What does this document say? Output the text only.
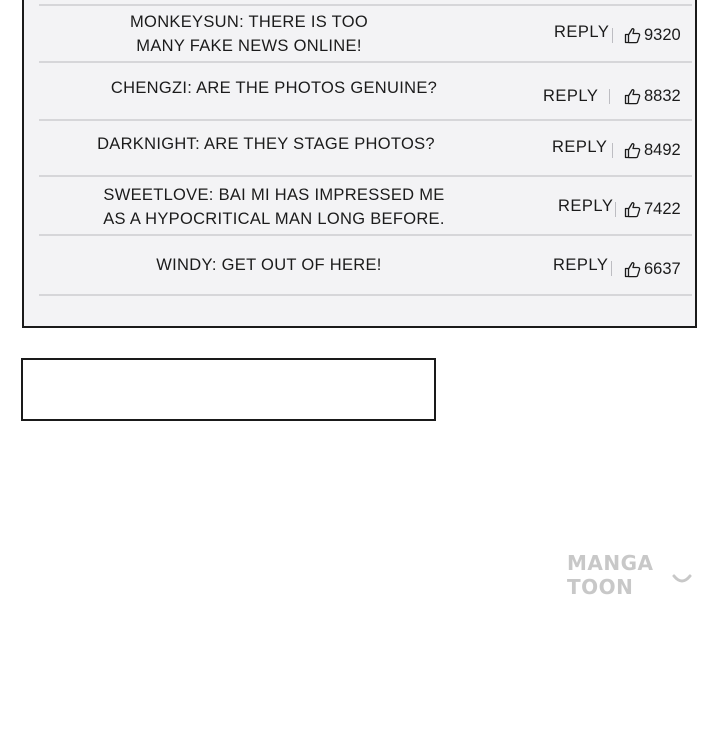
MONKEYSUN: THERE IS TOO
MANY FAKE NEWS ONLINE!
REPLY 9320
CHENGZI: ARE THE PHOTOS GENUINE?	REPLY	8832
DARKNIGHT: ARE THEY STAGE PHOTOS?	REPLY 8492
SWEETLOVE: BAI MI HAS IMPRESSED ME
AS A HYPOCRITICAL MAN LONG BEFORE.
REPLY 7422
WINDY: GET OUT OF HERE!	REPLY 6637
MANGA TOON
